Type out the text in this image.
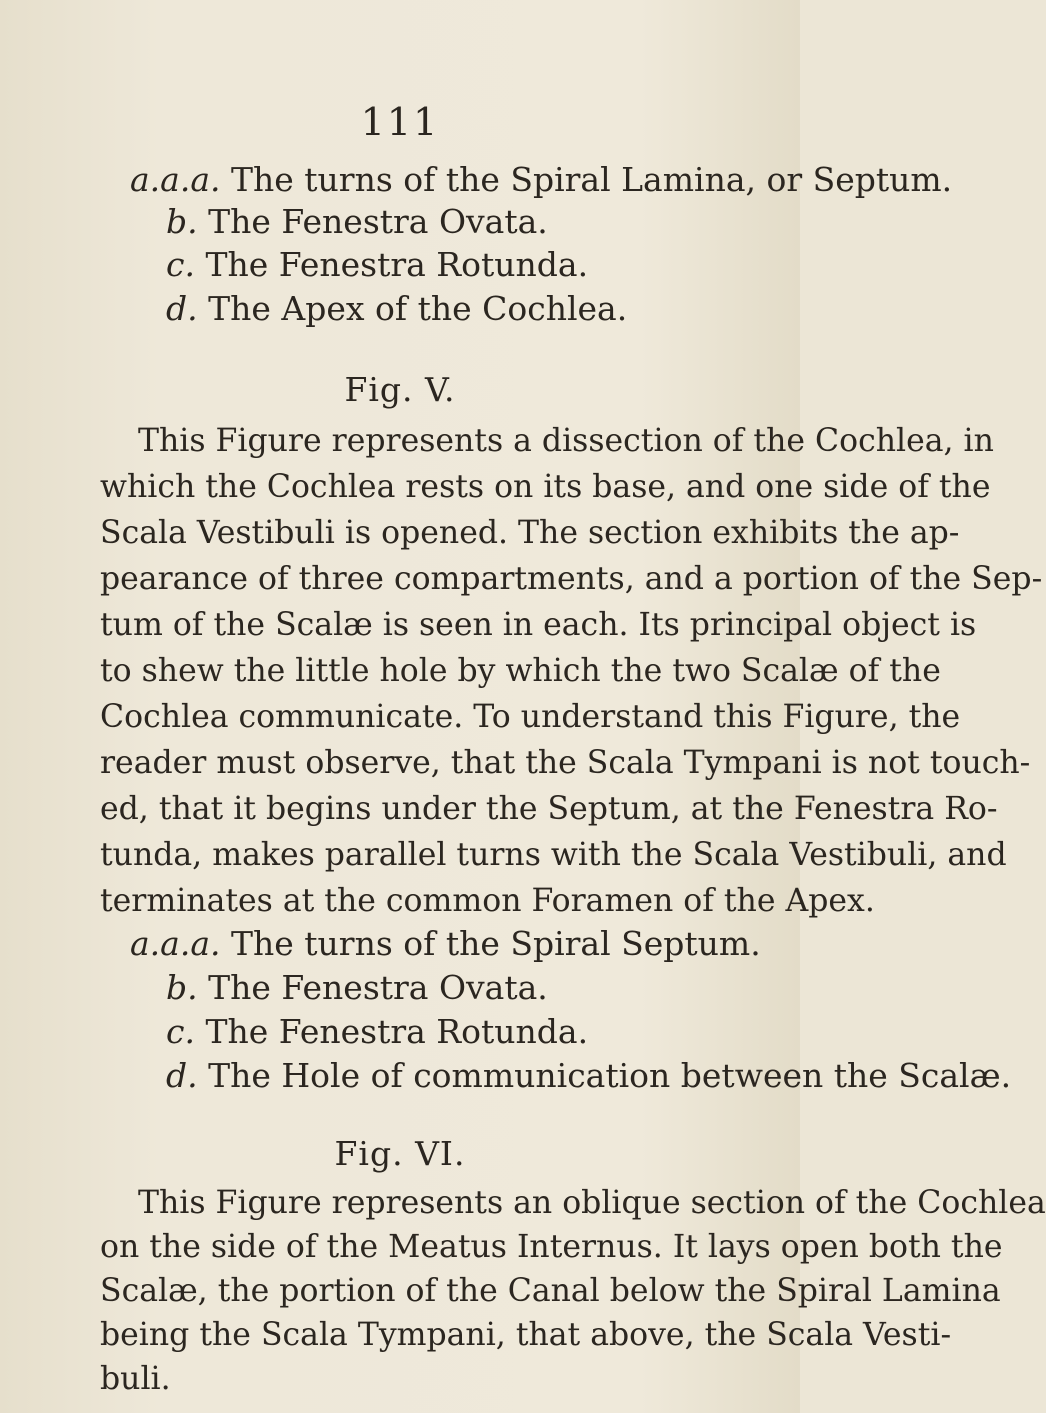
111
a.a.a. The turns of the Spiral Lamina, or Septum.
b. The Fenestra Ovata.
c. The Fenestra Rotunda.
d. The Apex of the Cochlea.
Fig. V.
This Figure represents a dissection of the Cochlea, in
which the Cochlea rests on its base, and one side of the
Scala Vestibuli is opened. The section exhibits the ap-
pearance of three compartments, and a portion of the Sep-
tum of the Scalæ is seen in each. Its principal object is
to shew the little hole by which the two Scalæ of the
Cochlea communicate. To understand this Figure, the
reader must observe, that the Scala Tympani is not touch-
ed, that it begins under the Septum, at the Fenestra Ro-
tunda, makes parallel turns with the Scala Vestibuli, and
terminates at the common Foramen of the Apex.
a.a.a. The turns of the Spiral Septum.
b. The Fenestra Ovata.
c. The Fenestra Rotunda.
d. The Hole of communication between the Scalæ.
Fig. VI.
This Figure represents an oblique section of the Cochlea
on the side of the Meatus Internus. It lays open both the
Scalæ, the portion of the Canal below the Spiral Lamina
being the Scala Tympani, that above, the Scala Vesti-
buli.
